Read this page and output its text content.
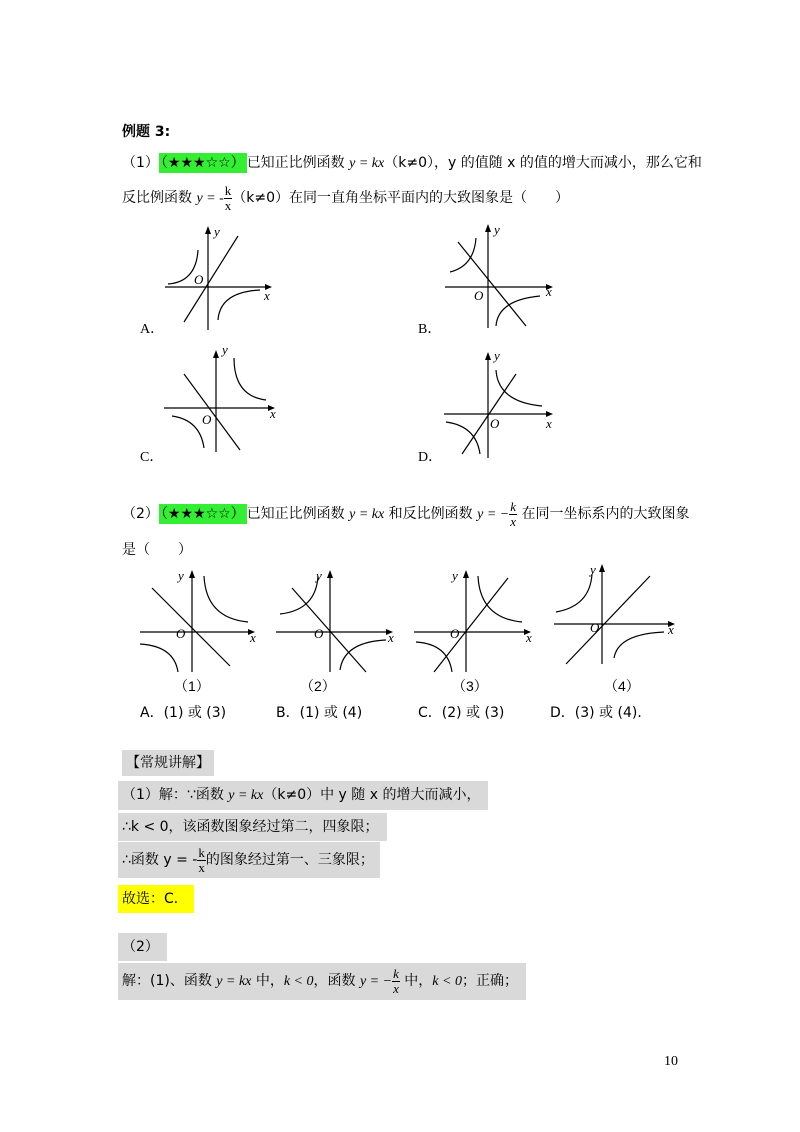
例题 3:
（1） （★★★☆☆） 已知正比例函数 y = kx（k≠0），y 的值随 x 的值的增大而减小，那么它和
反比例函数 y = - $\frac{k}{x} (k\ne 0)$在同一直角坐标平面内的大致图象是（　　）
O
x
y
A．
O	x
y
B．
O	x
y
C．
O	x
y
D．
（2） （★★★☆☆） 已知正比例函数 y = kx 和反比例函数 y = − $\frac{k}{x}$ 在同一坐标系内的大致图象
是（　　）
O	x
y
（1）
O	x
y
（2）
O	x
y
（3）
O	x
y
（4）
A．(1) 或 (3)	B．(1) 或 (4)	C．(2) 或 (3)	D．(3) 或 (4)．
【常规讲解】
（1）解：∵函数 y = kx（k≠0）中 y 随 x 的增大而减小，
∴k < 0，该函数图象经过第二，四象限；
∴函数 y = - $\frac{k}{x}$ 的图象经过第一、三象限；
故选：C．
（2）
解：(1)、函数 y = kx 中，k < 0，函数 y = − $\frac{k}{x}$ 中，k < 0；正确；
10
